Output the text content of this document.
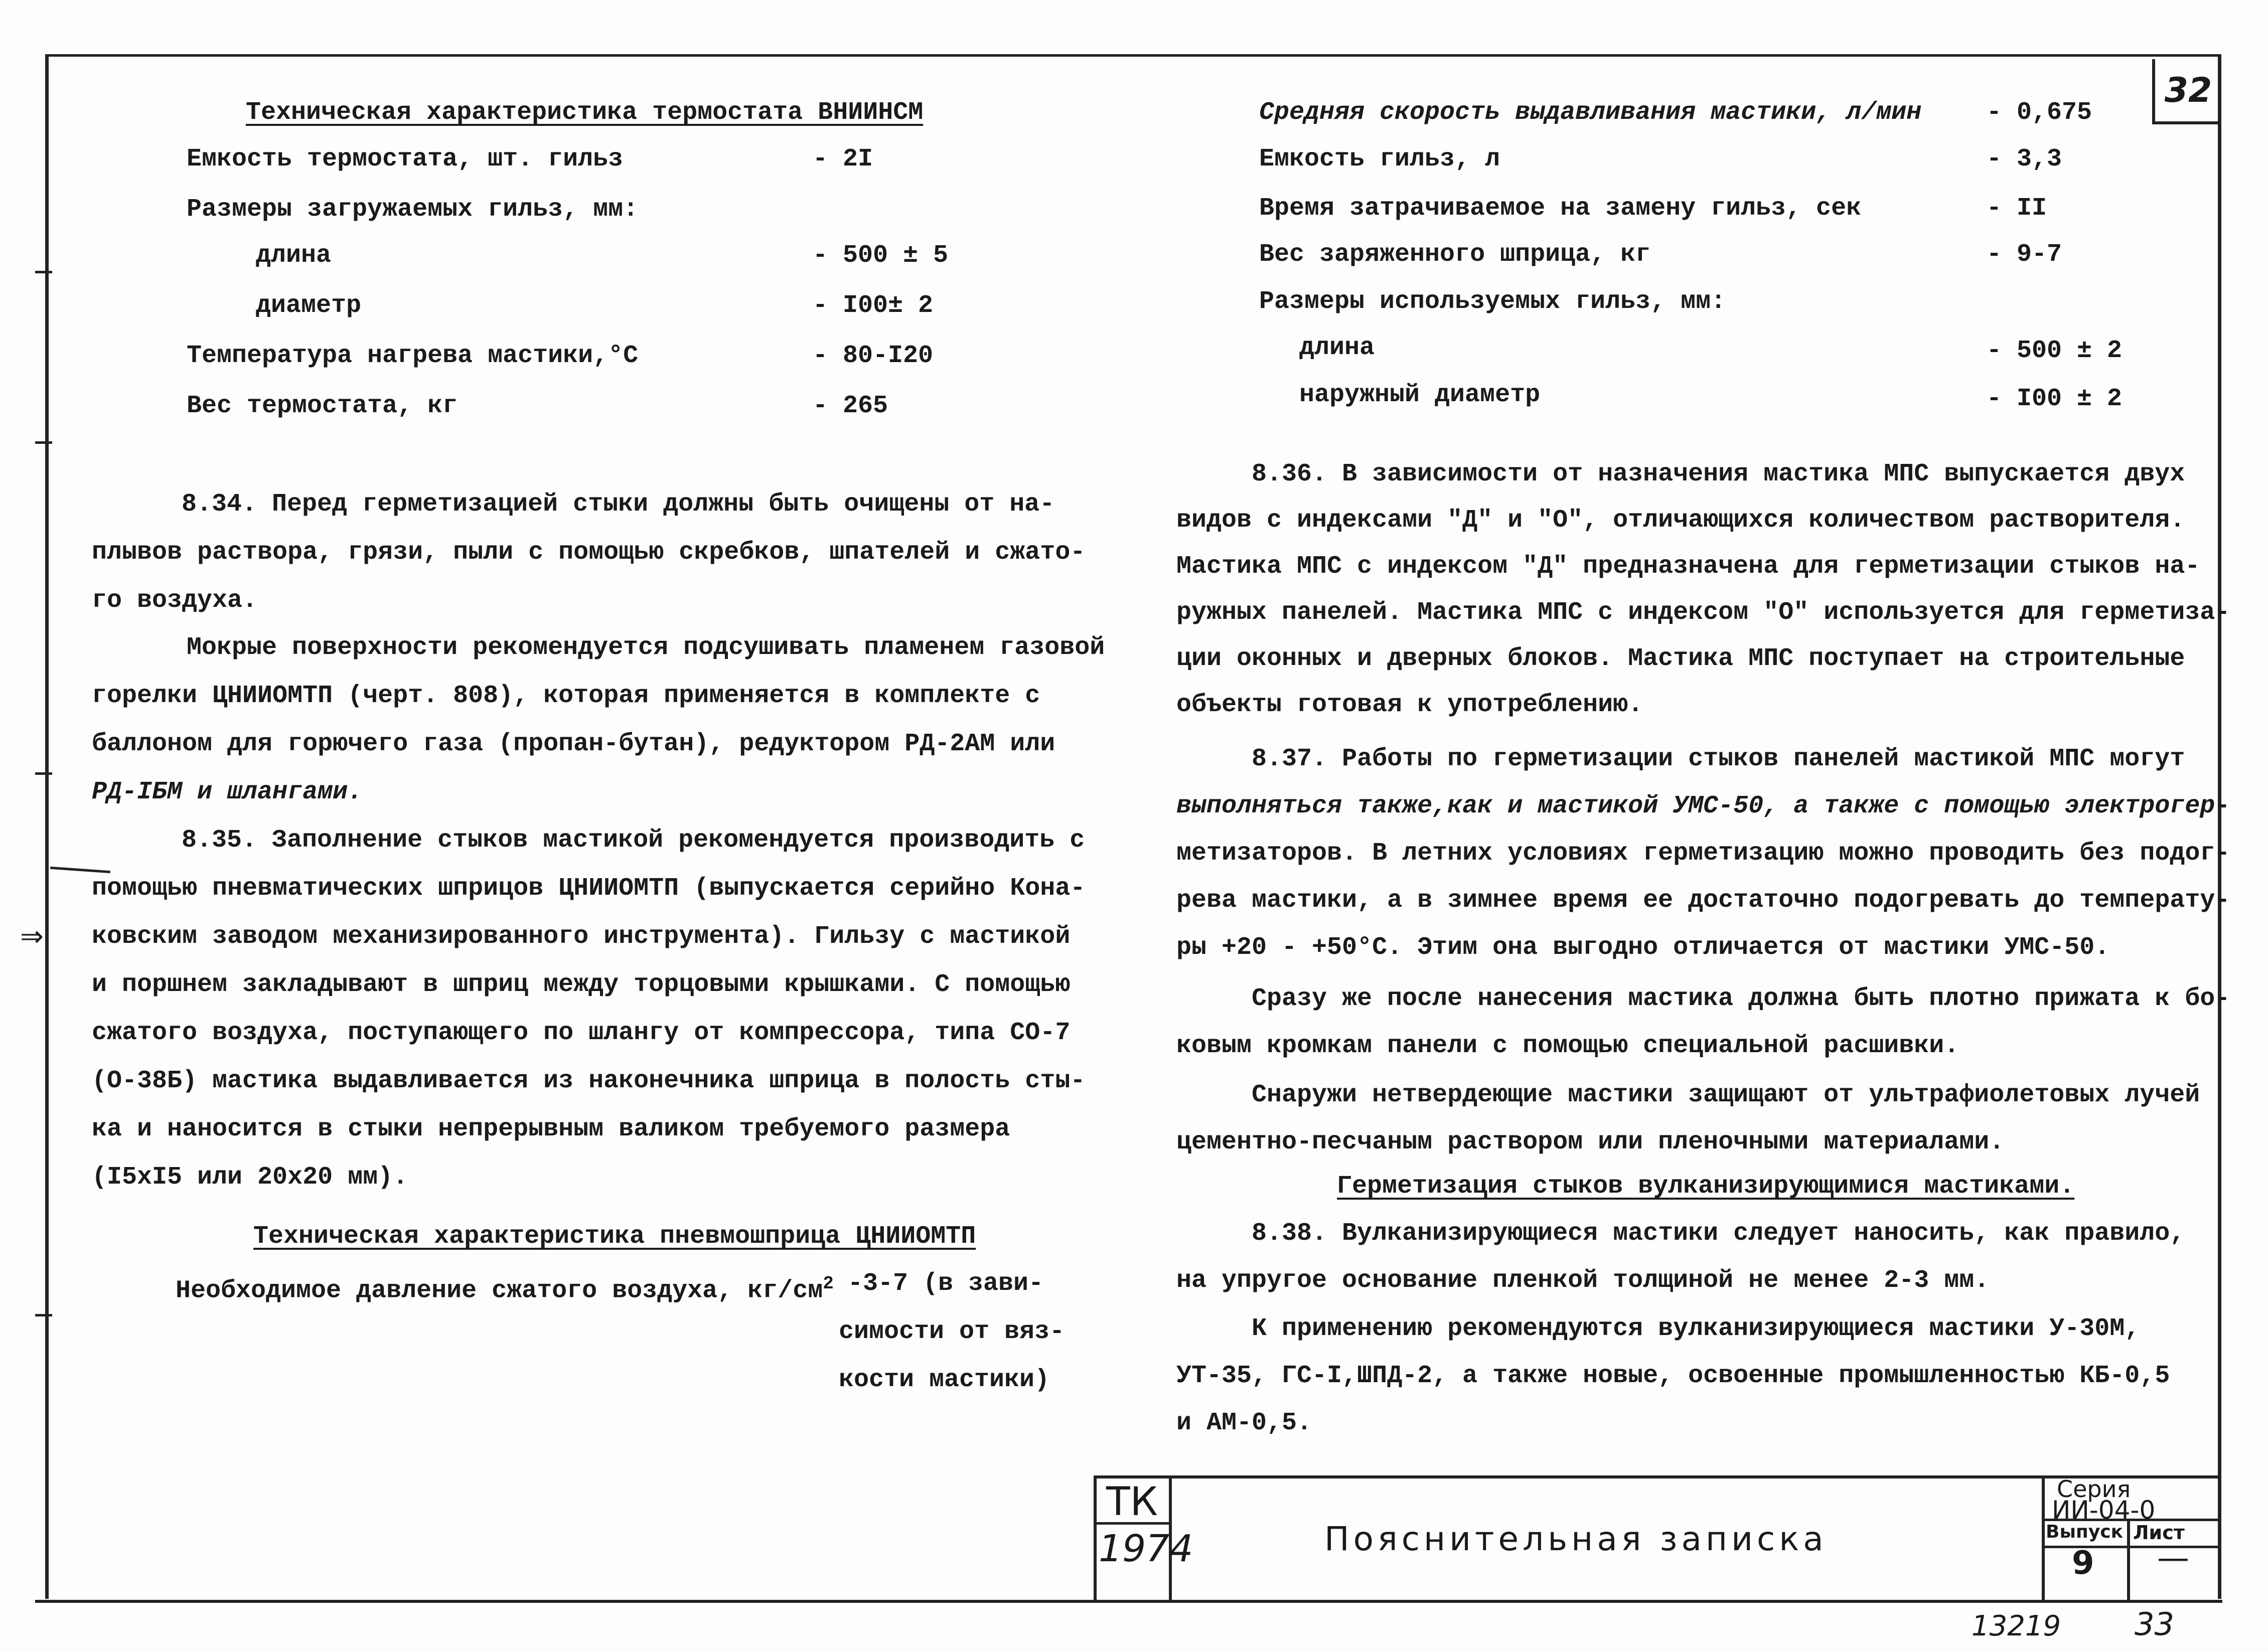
⇒
32
Техническая характеристика термостата ВНИИНСМ
Емкость термостата, шт. гильз	- 2I
Размеры загружаемых гильз, мм:
длина	- 500 ± 5
диаметр	- I00± 2
Температура нагрева мастики,°С	- 80-I20
Вес термостата, кг	- 265
8.34. Перед герметизацией стыки должны быть очищены от на-
плывов раствора, грязи, пыли с помощью скребков, шпателей и сжато-
го воздуха.
Мокрые поверхности рекомендуется подсушивать пламенем газовой
горелки ЦНИИОМТП (черт. 808), которая применяется в комплекте с
баллоном для горючего газа (пропан-бутан), редуктором РД-2АМ или
РД-IБМ и шлангами.
8.35. Заполнение стыков мастикой рекомендуется производить с
помощью пневматических шприцов ЦНИИОМТП (выпускается серийно Кона-
ковским заводом механизированного инструмента). Гильзу с мастикой
и поршнем закладывают в шприц между торцовыми крышками. С помощью
сжатого воздуха, поступающего по шлангу от компрессора, типа СО-7
(О-38Б) мастика выдавливается из наконечника шприца в полость сты-
ка и наносится в стыки непрерывным валиком требуемого размера
(I5хI5 или 20х20 мм).
Техническая характеристика пневмошприца ЦНИИОМТП
Необходимое давление сжатого воздуха, $кг/см^2$ -3-7 (в зави-
симости от вяз-
кости мастики)
Средняя скорость выдавливания мастики, л/мин	- 0,675
Емкость гильз, л	- 3,3
Время затрачиваемое на замену гильз, сек	- II
Вес заряженного шприца, кг	- 9-7
Размеры используемых гильз, мм:
длина	- 500 ± 2
наружный диаметр	- I00 ± 2
8.36. В зависимости от назначения мастика МПС выпускается двух
видов с индексами "Д" и "О", отличающихся количеством растворителя.
Мастика МПС с индексом "Д" предназначена для герметизации стыков на-
ружных панелей. Мастика МПС с индексом "О" используется для герметиза-
ции оконных и дверных блоков. Мастика МПС поступает на строительные
объекты готовая к употреблению.
8.37. Работы по герметизации стыков панелей мастикой МПС могут
выполняться также,как и мастикой УМС-50, а также с помощью электрогер-
метизаторов. В летних условиях герметизацию можно проводить без подог-
рева мастики, а в зимнее время ее достаточно подогревать до температу-
ры +20 - +50°С. Этим она выгодно отличается от мастики УМС-50.
Сразу же после нанесения мастика должна быть плотно прижата к бо-
ковым кромкам панели с помощью специальной расшивки.
Снаружи нетвердеющие мастики защищают от ультрафиолетовых лучей
цементно-песчаным раствором или пленочными материалами.
Герметизация стыков вулканизирующимися мастиками.
8.38. Вулканизирующиеся мастики следует наносить, как правило,
на упругое основание пленкой толщиной не менее 2-3 мм.
К применению рекомендуются вулканизирующиеся мастики У-30М,
УТ-35, ГС-I,ШПД-2, а также новые, освоенные промышленностью КБ-0,5
и АМ-0,5.
ТК
1974	Пояснительная записка
Серия
ИИ-04-0
Выпуск Лист
9 —
13219 33
